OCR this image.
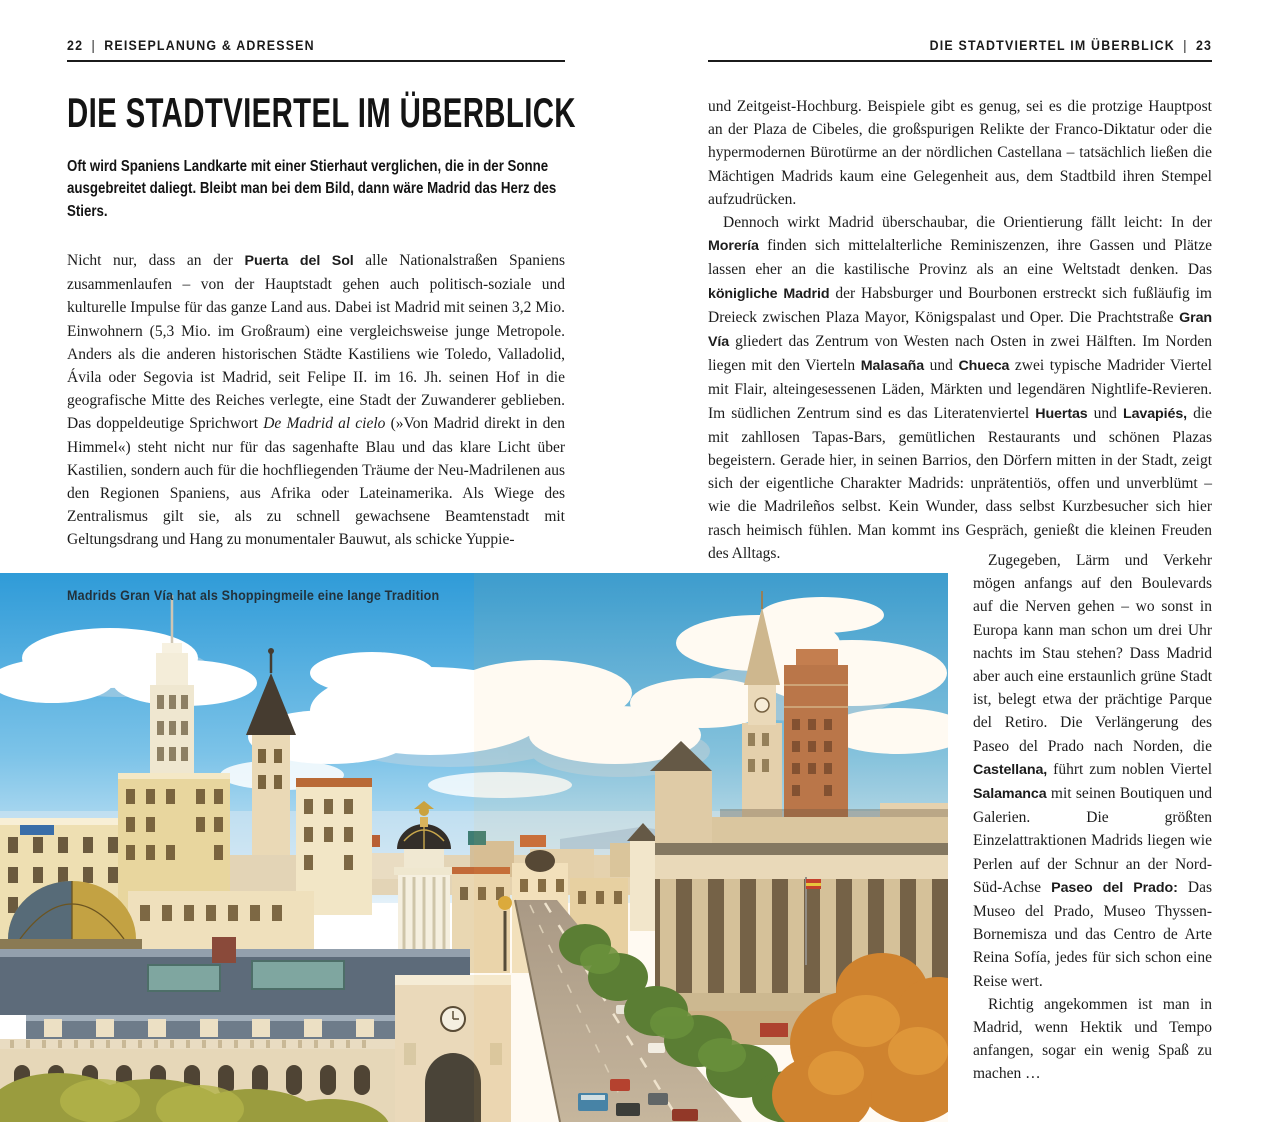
22 | REISEPLANUNG & ADRESSEN	DIE STADTVIERTEL IM ÜBERBLICK | 23
DIE STADTVIERTEL IM ÜBERBLICK
Oft wird Spaniens Landkarte mit einer Stierhaut verglichen, die in der Sonne ausgebreitet daliegt. Bleibt man bei dem Bild, dann wäre Madrid das Herz des Stiers.

Nicht nur, dass an der Puerta del Sol alle Nationalstraßen Spaniens zusammenlaufen – von der Hauptstadt gehen auch politisch-soziale und kulturelle Impulse für das ganze Land aus. Dabei ist Madrid mit seinen 3,2 Mio. Einwohnern (5,3 Mio. im Großraum) eine vergleichsweise junge Metropole. Anders als die anderen historischen Städte Kastiliens wie Toledo, Valladolid, Ávila oder Segovia ist Madrid, seit Felipe II. im 16. Jh. seinen Hof in die geografische Mitte des Reiches verlegte, eine Stadt der Zuwanderer geblieben. Das doppeldeutige Sprichwort De Madrid al cielo (»Von Madrid direkt in den Himmel«) steht nicht nur für das sagenhafte Blau und das klare Licht über Kastilien, sondern auch für die hochfliegenden Träume der Neu-Madrilenen aus den Regionen Spaniens, aus Afrika oder Lateinamerika. Als Wiege des Zentralismus gilt sie, als zu schnell gewachsene Beamtenstadt mit Geltungsdrang und Hang zu monumentaler Bauwut, als schicke Yuppie-

und Zeitgeist-Hochburg. Beispiele gibt es genug, sei es die protzige Hauptpost an der Plaza de Cibeles, die großspurigen Relikte der Franco-Diktatur oder die hypermodernen Bürotürme an der nördlichen Castellana – tatsächlich ließen die Mächtigen Madrids kaum eine Gelegenheit aus, dem Stadtbild ihren Stempel aufzudrücken.

Dennoch wirkt Madrid überschaubar, die Orientierung fällt leicht: In der Morería finden sich mittelalterliche Reminiszenzen, ihre Gassen und Plätze lassen eher an die kastilische Provinz als an eine Weltstadt denken. Das königliche Madrid der Habsburger und Bourbonen erstreckt sich fußläufig im Dreieck zwischen Plaza Mayor, Königspalast und Oper. Die Prachtstraße Gran Vía gliedert das Zentrum von Westen nach Osten in zwei Hälften. Im Norden liegen mit den Vierteln Malasaña und Chueca zwei typische Madrider Viertel mit Flair, alteingesessenen Läden, Märkten und legendären Nightlife-Revieren. Im südlichen Zentrum sind es das Literatenviertel Huertas und Lavapiés, die mit zahllosen Tapas-Bars, gemütlichen Restaurants und schönen Plazas begeistern. Gerade hier, in seinen Barrios, den Dörfern mitten in der Stadt, zeigt sich der eigentliche Charakter Madrids: unprätentiös, offen und unverblümt – wie die Madrileños selbst. Kein Wunder, dass selbst Kurzbesucher sich hier rasch heimisch fühlen. Man kommt ins Gespräch, genießt die kleinen Freuden des Alltags.	Zugegeben, Lärm und Verkehr mögen anfangs auf den Boulevards auf die Nerven gehen – wo sonst in Europa kann man schon um drei Uhr nachts im Stau stehen? Dass Madrid aber auch eine erstaunlich grüne Stadt ist, belegt etwa der prächtige Parque del Retiro. Die Verlängerung des Paseo del Prado nach Norden, die Castellana, führt zum noblen Viertel Salamanca mit seinen Boutiquen und Galerien. Die größten Einzelattraktionen Madrids liegen wie Perlen auf der Schnur an der Nord-Süd-Achse Paseo del Prado: Das Museo del Prado, Museo Thyssen-Bornemisza und das Centro de Arte Reina Sofía, jedes für sich schon eine Reise wert.

Richtig angekommen ist man in Madrid, wenn Hektik und Tempo anfangen, sogar ein wenig Spaß zu machen …

Madrids Gran Vía hat als Shoppingmeile eine lange Tradition
